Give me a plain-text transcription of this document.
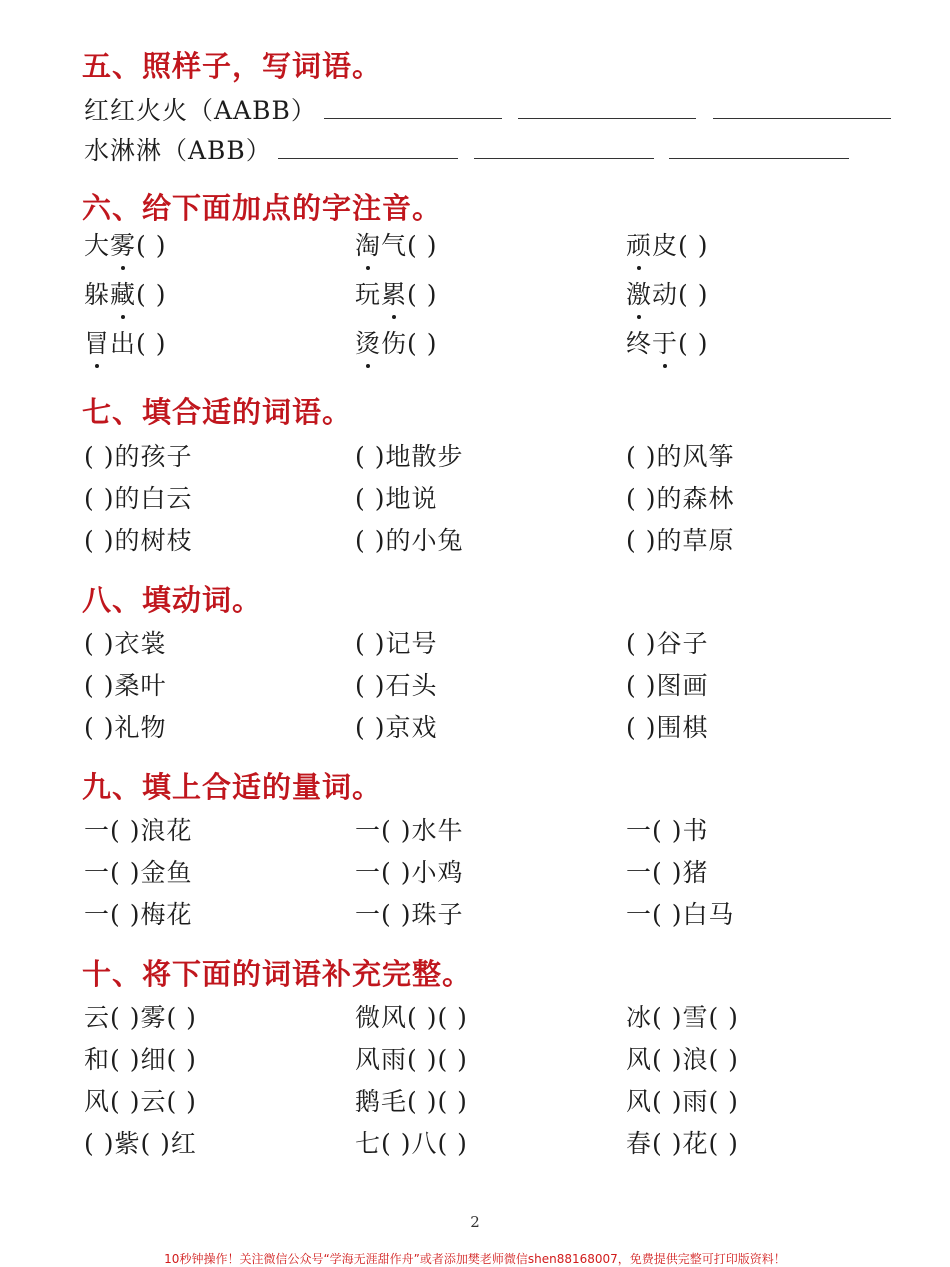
五、照样子，写词语。
红红火火（AABB）
水淋淋（ABB）
六、给下面加点的字注音。
大雾( )	淘气( )	顽皮( )
躲藏( )	玩累( )	激动( )
冒出( )	烫伤( )	终于( )
七、填合适的词语。
( )的孩子	( )地散步	( )的风筝
( )的白云	( )地说	( )的森林
( )的树枝	( )的小兔	( )的草原
八、填动词。
( )衣裳	( )记号	( )谷子
( )桑叶	( )石头	( )图画
( )礼物	( )京戏	( )围棋
九、填上合适的量词。
一( )浪花	一( )水牛	一( )书
一( )金鱼	一( )小鸡	一( )猪
一( )梅花	一( )珠子	一( )白马
十、将下面的词语补充完整。
云( )雾( )	微风( )( )	冰( )雪( )
和( )细( )	风雨( )( )	风( )浪( )
风( )云( )	鹅毛( )( )	风( )雨( )
( )紫( )红	七( )八( )	春( )花( )
2
10秒钟操作！关注微信公众号“学海无涯甜作舟”或者添加樊老师微信shen88168007，免费提供完整可打印版资料！
